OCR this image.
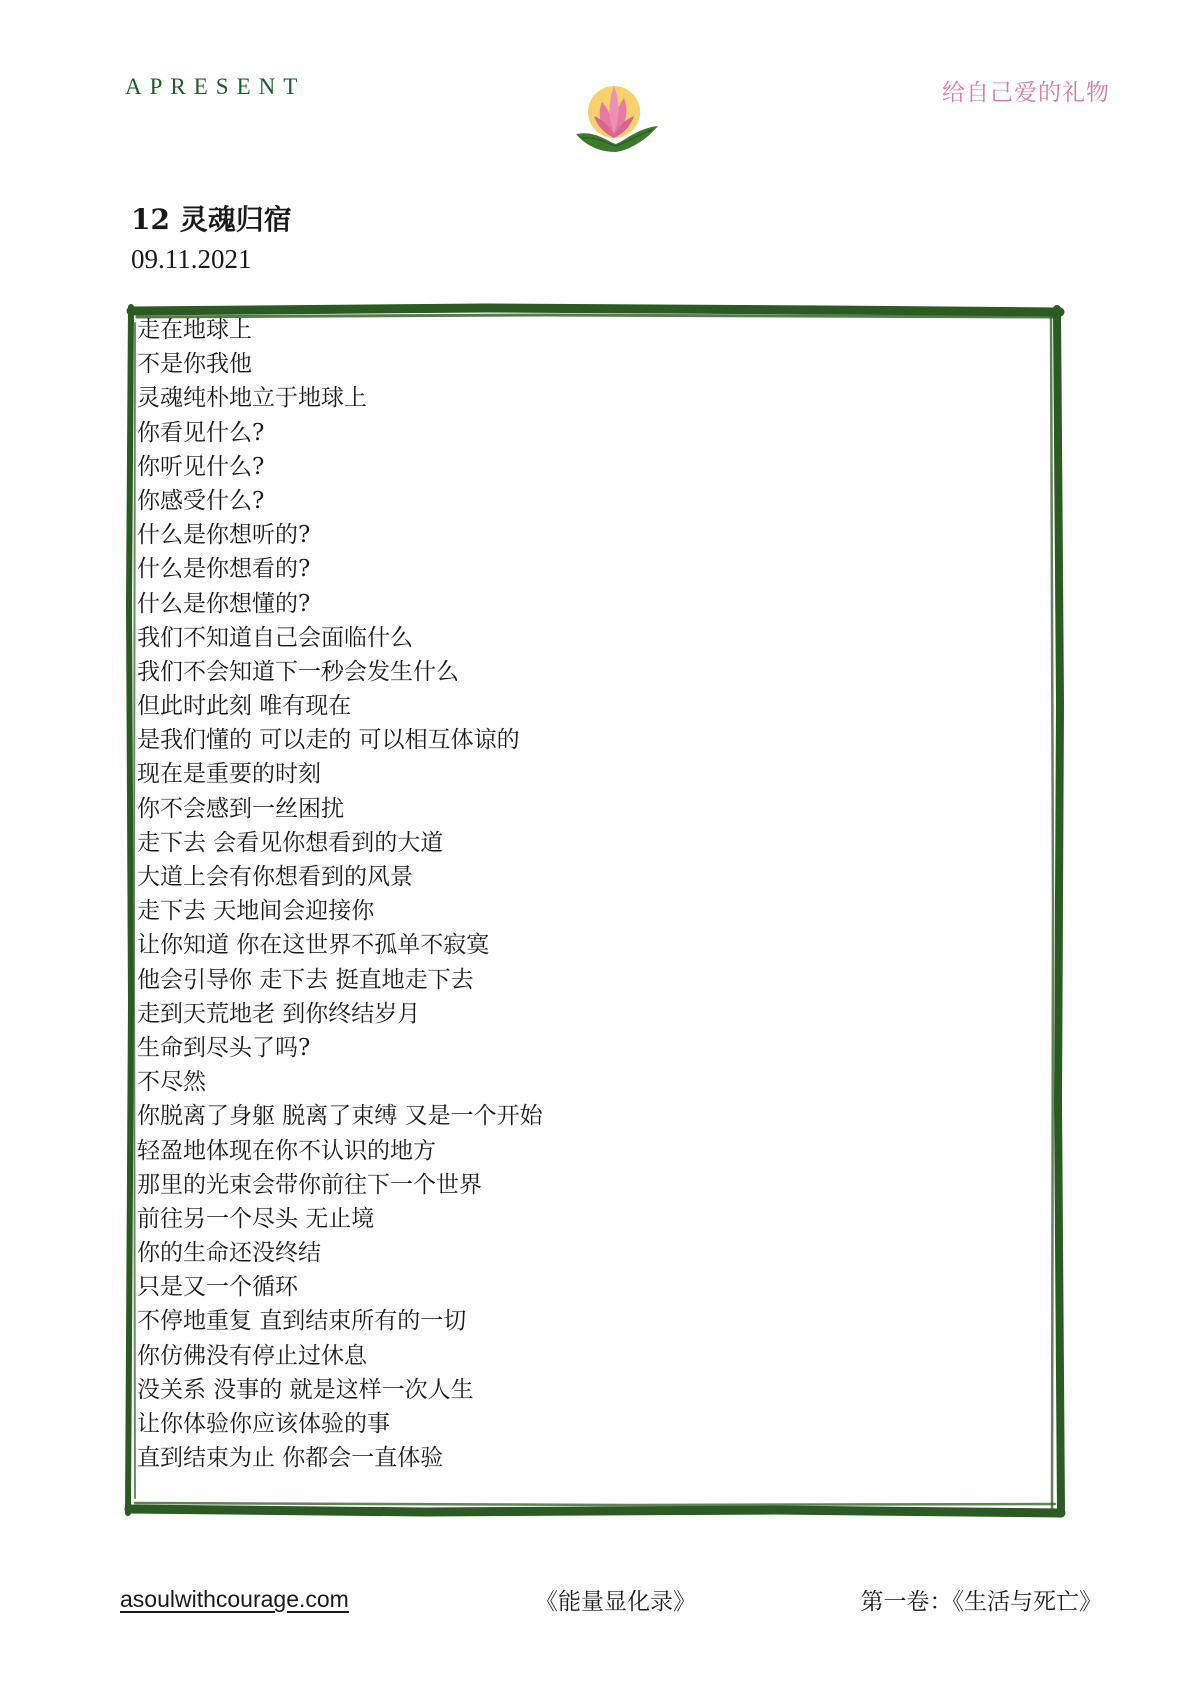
APRESENT	给自己爱的礼物
12 灵魂归宿
09.11.2021
走在地球上
不是你我他
灵魂纯朴地立于地球上
你看见什么?
你听见什么?
你感受什么?
什么是你想听的?
什么是你想看的?
什么是你想懂的?
我们不知道自己会面临什么
我们不会知道下一秒会发生什么
但此时此刻 唯有现在
是我们懂的 可以走的 可以相互体谅的
现在是重要的时刻
你不会感到一丝困扰
走下去 会看见你想看到的大道
大道上会有你想看到的风景
走下去 天地间会迎接你
让你知道 你在这世界不孤单不寂寞
他会引导你 走下去 挺直地走下去
走到天荒地老 到你终结岁月
生命到尽头了吗?
不尽然
你脱离了身躯 脱离了束缚 又是一个开始
轻盈地体现在你不认识的地方
那里的光束会带你前往下一个世界
前往另一个尽头 无止境
你的生命还没终结
只是又一个循环
不停地重复 直到结束所有的一切
你仿佛没有停止过休息
没关系 没事的 就是这样一次人生
让你体验你应该体验的事
直到结束为止 你都会一直体验
asoulwithcourage.com	《能量显化录》	第一卷：《生活与死亡》
